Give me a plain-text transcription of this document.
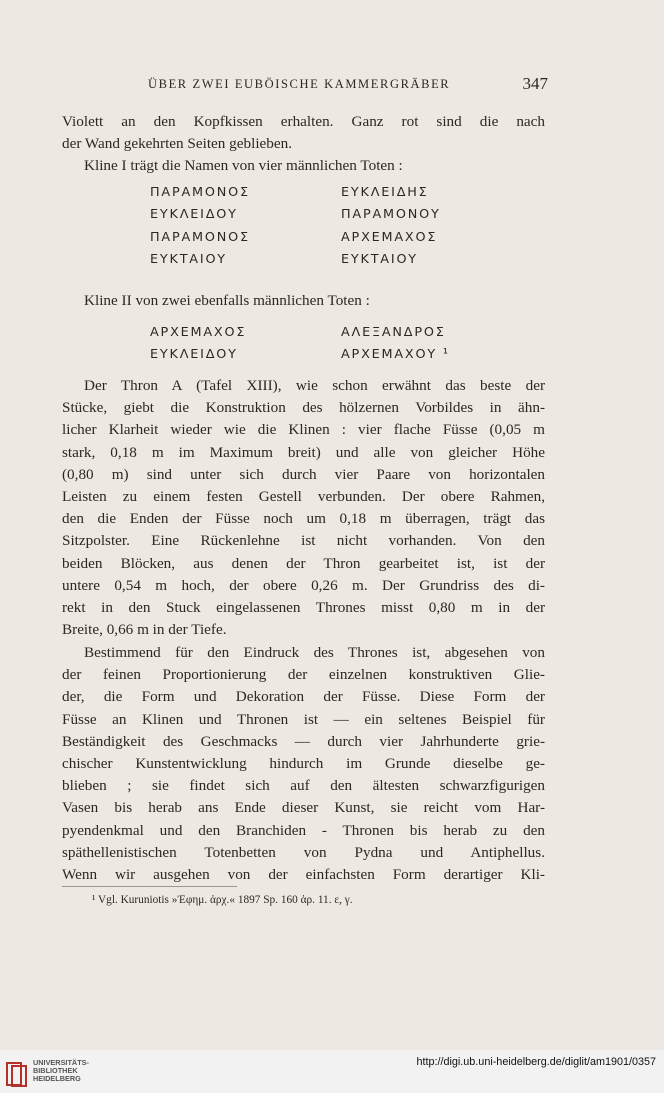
ÜBER ZWEI EUBÖISCHE KAMMERGRÄBER	347

Violett an den Kopfkissen erhalten. Ganz rot sind die nach

der Wand gekehrten Seiten geblieben.

Kline I trägt die Namen von vier männlichen Toten :

ΠΑΡΑΜΟΝΟΣ	ΕΥΚΛΕΙΔΗΣ
ΕΥΚΛΕΙΔΟΥ	ΠΑΡΑΜΟΝΟΥ
ΠΑΡΑΜΟΝΟΣ	ΑΡΧΕΜΑΧΟΣ
ΕΥΚΤΑΙΟΥ	ΕΥΚΤΑΙΟΥ

Kline II von zwei ebenfalls männlichen Toten :

ΑΡΧΕΜΑΧΟΣ	ΑΛΕΞΑΝΔΡΟΣ
ΕΥΚΛΕΙΔΟΥ	ΑΡΧΕΜΑΧΟΥ ¹

Der Thron A (Tafel XIII), wie schon erwähnt das beste der

Stücke, giebt die Konstruktion des hölzernen Vorbildes in ähn-

licher Klarheit wieder wie die Klinen : vier flache Füsse (0,05 m

stark, 0,18 m im Maximum breit) und alle von gleicher Höhe

(0,80 m) sind unter sich durch vier Paare von horizontalen

Leisten zu einem festen Gestell verbunden. Der obere Rahmen,

den die Enden der Füsse noch um 0,18 m überragen, trägt das

Sitzpolster. Eine Rückenlehne ist nicht vorhanden. Von den

beiden Blöcken, aus denen der Thron gearbeitet ist, ist der

untere 0,54 m hoch, der obere 0,26 m. Der Grundriss des di-

rekt in den Stuck eingelassenen Thrones misst 0,80 m in der

Breite, 0,66 m in der Tiefe.

Bestimmend für den Eindruck des Thrones ist, abgesehen von

der feinen Proportionierung der einzelnen konstruktiven Glie-

der, die Form und Dekoration der Füsse. Diese Form der

Füsse an Klinen und Thronen ist — ein seltenes Beispiel für

Beständigkeit des Geschmacks — durch vier Jahrhunderte grie-

chischer Kunstentwicklung hindurch im Grunde dieselbe ge-

blieben ; sie findet sich auf den ältesten schwarzfigurigen

Vasen bis herab ans Ende dieser Kunst, sie reicht vom Har-

pyendenkmal und den Branchiden - Thronen bis herab zu den

späthellenistischen Totenbetten von Pydna und Antiphellus.

Wenn wir ausgehen von der einfachsten Form derartiger Kli-

¹ Vgl. Kuruniotis »Ἐφημ. ἀρχ.« 1897 Sp. 160 ἀρ. 11. ε, γ.
UNIVERSITÄTS-
BIBLIOTHEK
HEIDELBERG
http://digi.ub.uni-heidelberg.de/diglit/am1901/0357
